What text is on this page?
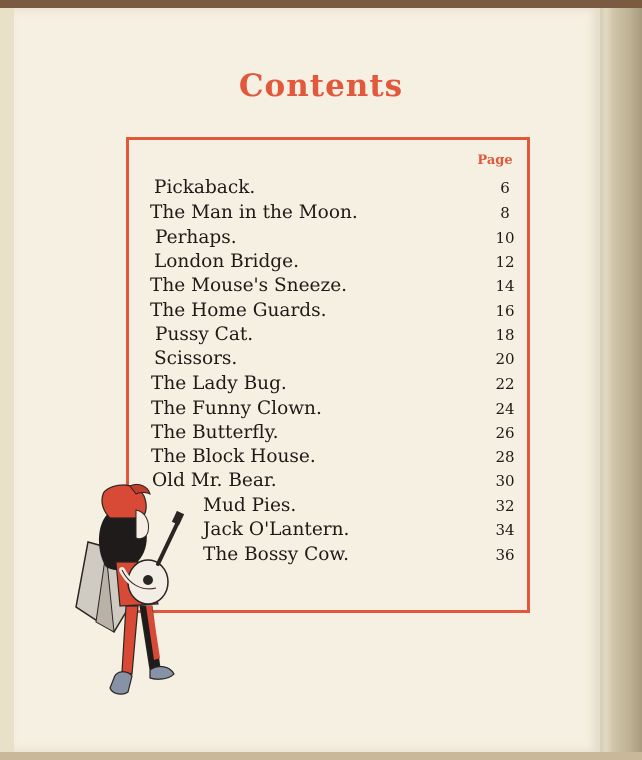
Contents
Page
Pickaback.	6
The Man in the Moon.	8
Perhaps.	10
London Bridge.	12
The Mouse's Sneeze.	14
The Home Guards.	16
Pussy Cat.	18
Scissors.	20
The Lady Bug.	22
The Funny Clown.	24
The Butterfly.	26
The Block House.	28
Old Mr. Bear.	30
Mud Pies.	32
Jack O'Lantern.	34
The Bossy Cow.	36
